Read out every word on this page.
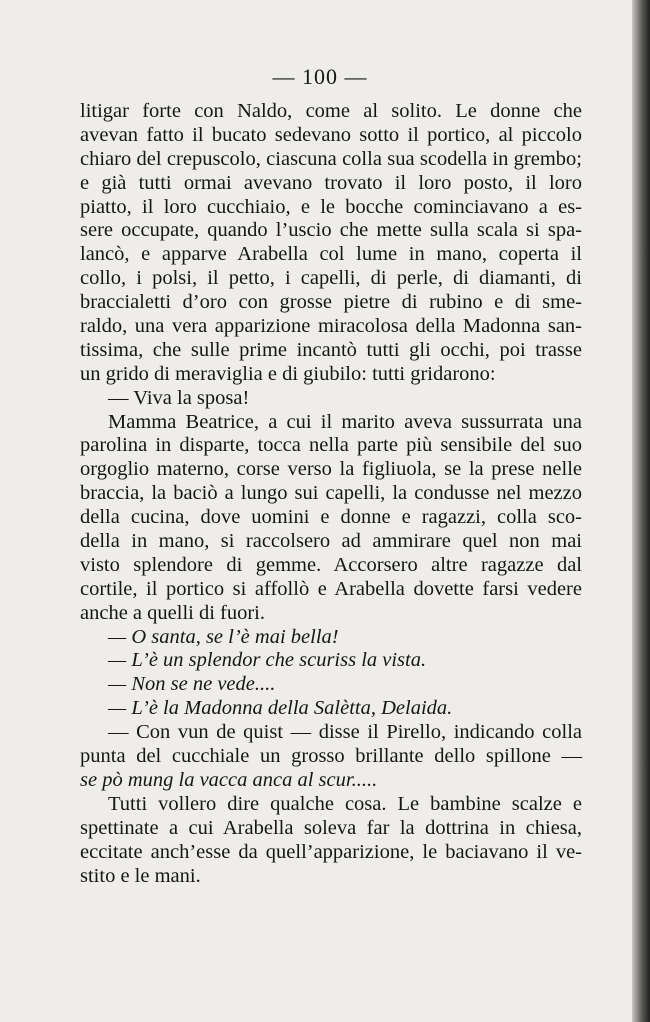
— 100 —
litigar forte con Naldo, come al solito. Le donne che
avevan fatto il bucato sedevano sotto il portico, al piccolo
chiaro del crepuscolo, ciascuna colla sua scodella in grembo;
e già tutti ormai avevano trovato il loro posto, il loro
piatto, il loro cucchiaio, e le bocche cominciavano a es-
sere occupate, quando l’uscio che mette sulla scala si spa-
lancò, e apparve Arabella col lume in mano, coperta il
collo, i polsi, il petto, i capelli, di perle, di diamanti, di
braccialetti d’oro con grosse pietre di rubino e di sme-
raldo, una vera apparizione miracolosa della Madonna san-
tissima, che sulle prime incantò tutti gli occhi, poi trasse
un grido di meraviglia e di giubilo: tutti gridarono:
— Viva la sposa!
Mamma Beatrice, a cui il marito aveva sussurrata una
parolina in disparte, tocca nella parte più sensibile del suo
orgoglio materno, corse verso la figliuola, se la prese nelle
braccia, la baciò a lungo sui capelli, la condusse nel mezzo
della cucina, dove uomini e donne e ragazzi, colla sco-
della in mano, si raccolsero ad ammirare quel non mai
visto splendore di gemme. Accorsero altre ragazze dal
cortile, il portico si affollò e Arabella dovette farsi vedere
anche a quelli di fuori.
— O santa, se l’è mai bella!
— L’è un splendor che scuriss la vista.
— Non se ne vede....
— L’è la Madonna della Salètta, Delaida.
— Con vun de quist — disse il Pirello, indicando colla
punta del cucchiale un grosso brillante dello spillone —
se pò mung la vacca anca al scur.....
Tutti vollero dire qualche cosa. Le bambine scalze e
spettinate a cui Arabella soleva far la dottrina in chiesa,
eccitate anch’esse da quell’apparizione, le baciavano il ve-
stito e le mani.
